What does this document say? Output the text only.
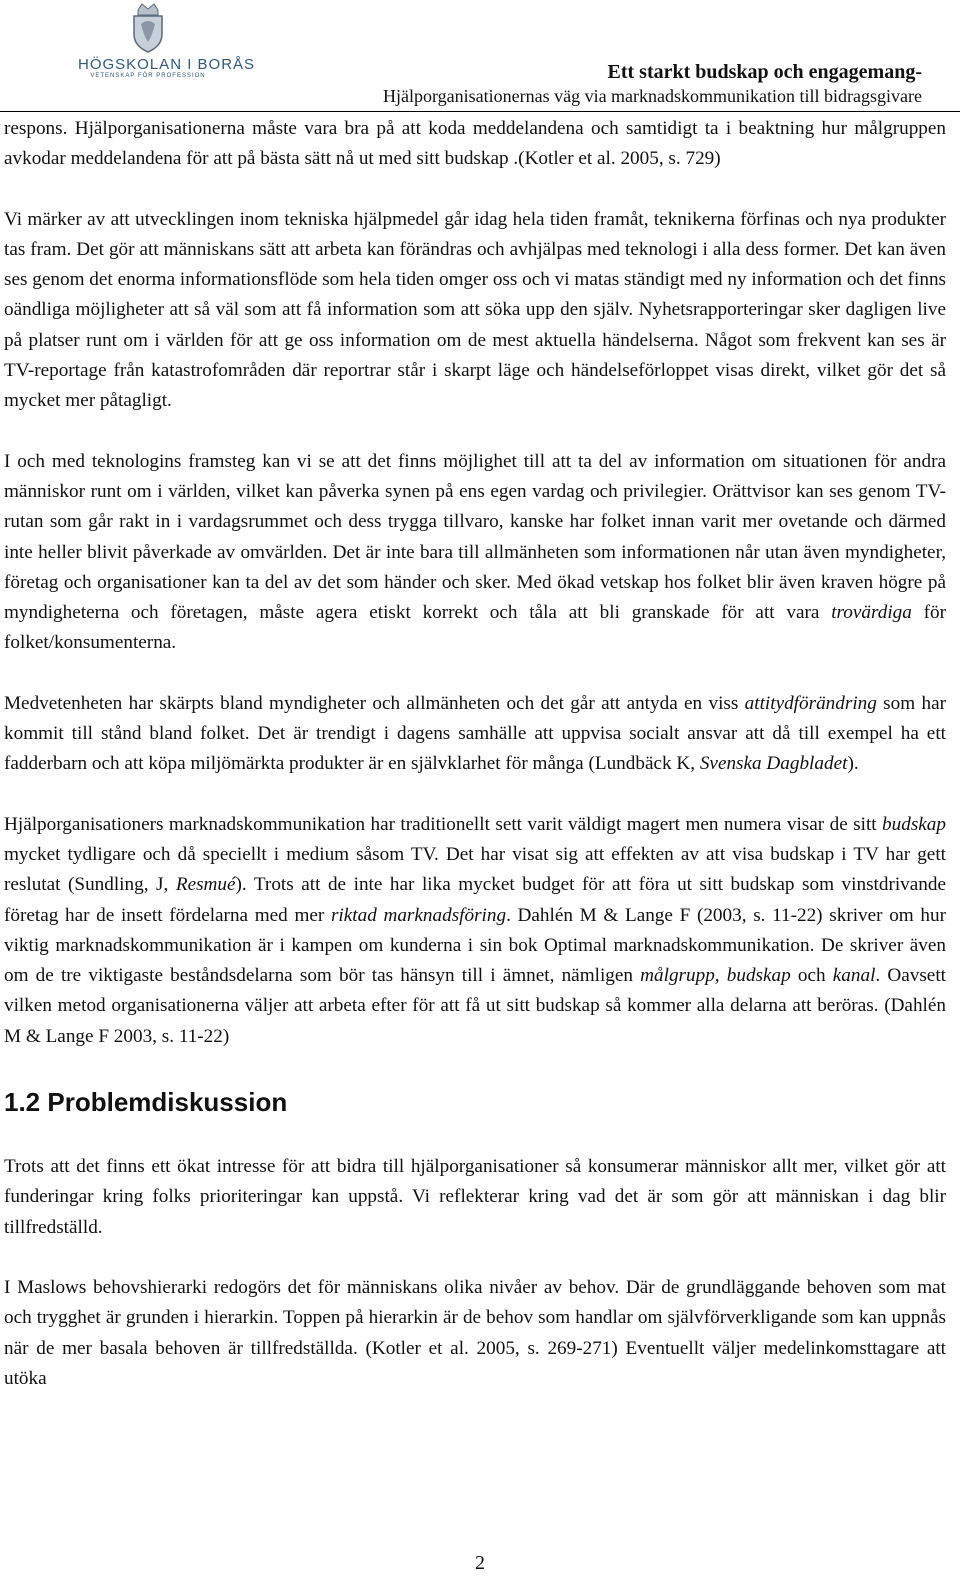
HÖGSKOLAN I BORÅS
VETENSKAP FÖR PROFESSION	Ett starkt budskap och engagemang-
Hjälporganisationernas väg via marknadskommunikation till bidragsgivare

respons. Hjälporganisationerna måste vara bra på att koda meddelandena och samtidigt ta i beaktning hur målgruppen avkodar meddelandena för att på bästa sätt nå ut med sitt budskap .(Kotler et al. 2005, s. 729)

Vi märker av att utvecklingen inom tekniska hjälpmedel går idag hela tiden framåt, teknikerna förfinas och nya produkter tas fram. Det gör att människans sätt att arbeta kan förändras och avhjälpas med teknologi i alla dess former. Det kan även ses genom det enorma informationsflöde som hela tiden omger oss och vi matas ständigt med ny information och det finns oändliga möjligheter att så väl som att få information som att söka upp den själv. Nyhetsrapporteringar sker dagligen live på platser runt om i världen för att ge oss information om de mest aktuella händelserna. Något som frekvent kan ses är TV-reportage från katastrofområden där reportrar står i skarpt läge och händelseförloppet visas direkt, vilket gör det så mycket mer påtagligt.

I och med teknologins framsteg kan vi se att det finns möjlighet till att ta del av information om situationen för andra människor runt om i världen, vilket kan påverka synen på ens egen vardag och privilegier. Orättvisor kan ses genom TV-rutan som går rakt in i vardagsrummet och dess trygga tillvaro, kanske har folket innan varit mer ovetande och därmed inte heller blivit påverkade av omvärlden. Det är inte bara till allmänheten som informationen når utan även myndigheter, företag och organisationer kan ta del av det som händer och sker. Med ökad vetskap hos folket blir även kraven högre på myndigheterna och företagen, måste agera etiskt korrekt och tåla att bli granskade för att vara trovärdiga för folket/konsumenterna.

Medvetenheten har skärpts bland myndigheter och allmänheten och det går att antyda en viss attitydförändring som har kommit till stånd bland folket. Det är trendigt i dagens samhälle att uppvisa socialt ansvar att då till exempel ha ett fadderbarn och att köpa miljömärkta produkter är en självklarhet för många (Lundbäck K, Svenska Dagbladet).

Hjälporganisationers marknadskommunikation har traditionellt sett varit väldigt magert men numera visar de sitt budskap mycket tydligare och då speciellt i medium såsom TV. Det har visat sig att effekten av att visa budskap i TV har gett reslutat (Sundling, J, Resmué). Trots att de inte har lika mycket budget för att föra ut sitt budskap som vinstdrivande företag har de insett fördelarna med mer riktad marknadsföring. Dahlén M & Lange F (2003, s. 11-22) skriver om hur viktig marknadskommunikation är i kampen om kunderna i sin bok Optimal marknadskommunikation. De skriver även om de tre viktigaste beståndsdelarna som bör tas hänsyn till i ämnet, nämligen målgrupp, budskap och kanal. Oavsett vilken metod organisationerna väljer att arbeta efter för att få ut sitt budskap så kommer alla delarna att beröras. (Dahlén M & Lange F 2003, s. 11-22)

1.2 Problemdiskussion

Trots att det finns ett ökat intresse för att bidra till hjälporganisationer så konsumerar människor allt mer, vilket gör att funderingar kring folks prioriteringar kan uppstå. Vi reflekterar kring vad det är som gör att människan i dag blir tillfredställd.

I Maslows behovshierarki redogörs det för människans olika nivåer av behov. Där de grundläggande behoven som mat och trygghet är grunden i hierarkin. Toppen på hierarkin är de behov som handlar om självförverkligande som kan uppnås när de mer basala behoven är tillfredställda. (Kotler et al. 2005, s. 269-271) Eventuellt väljer medelinkomsttagare att utöka

2
